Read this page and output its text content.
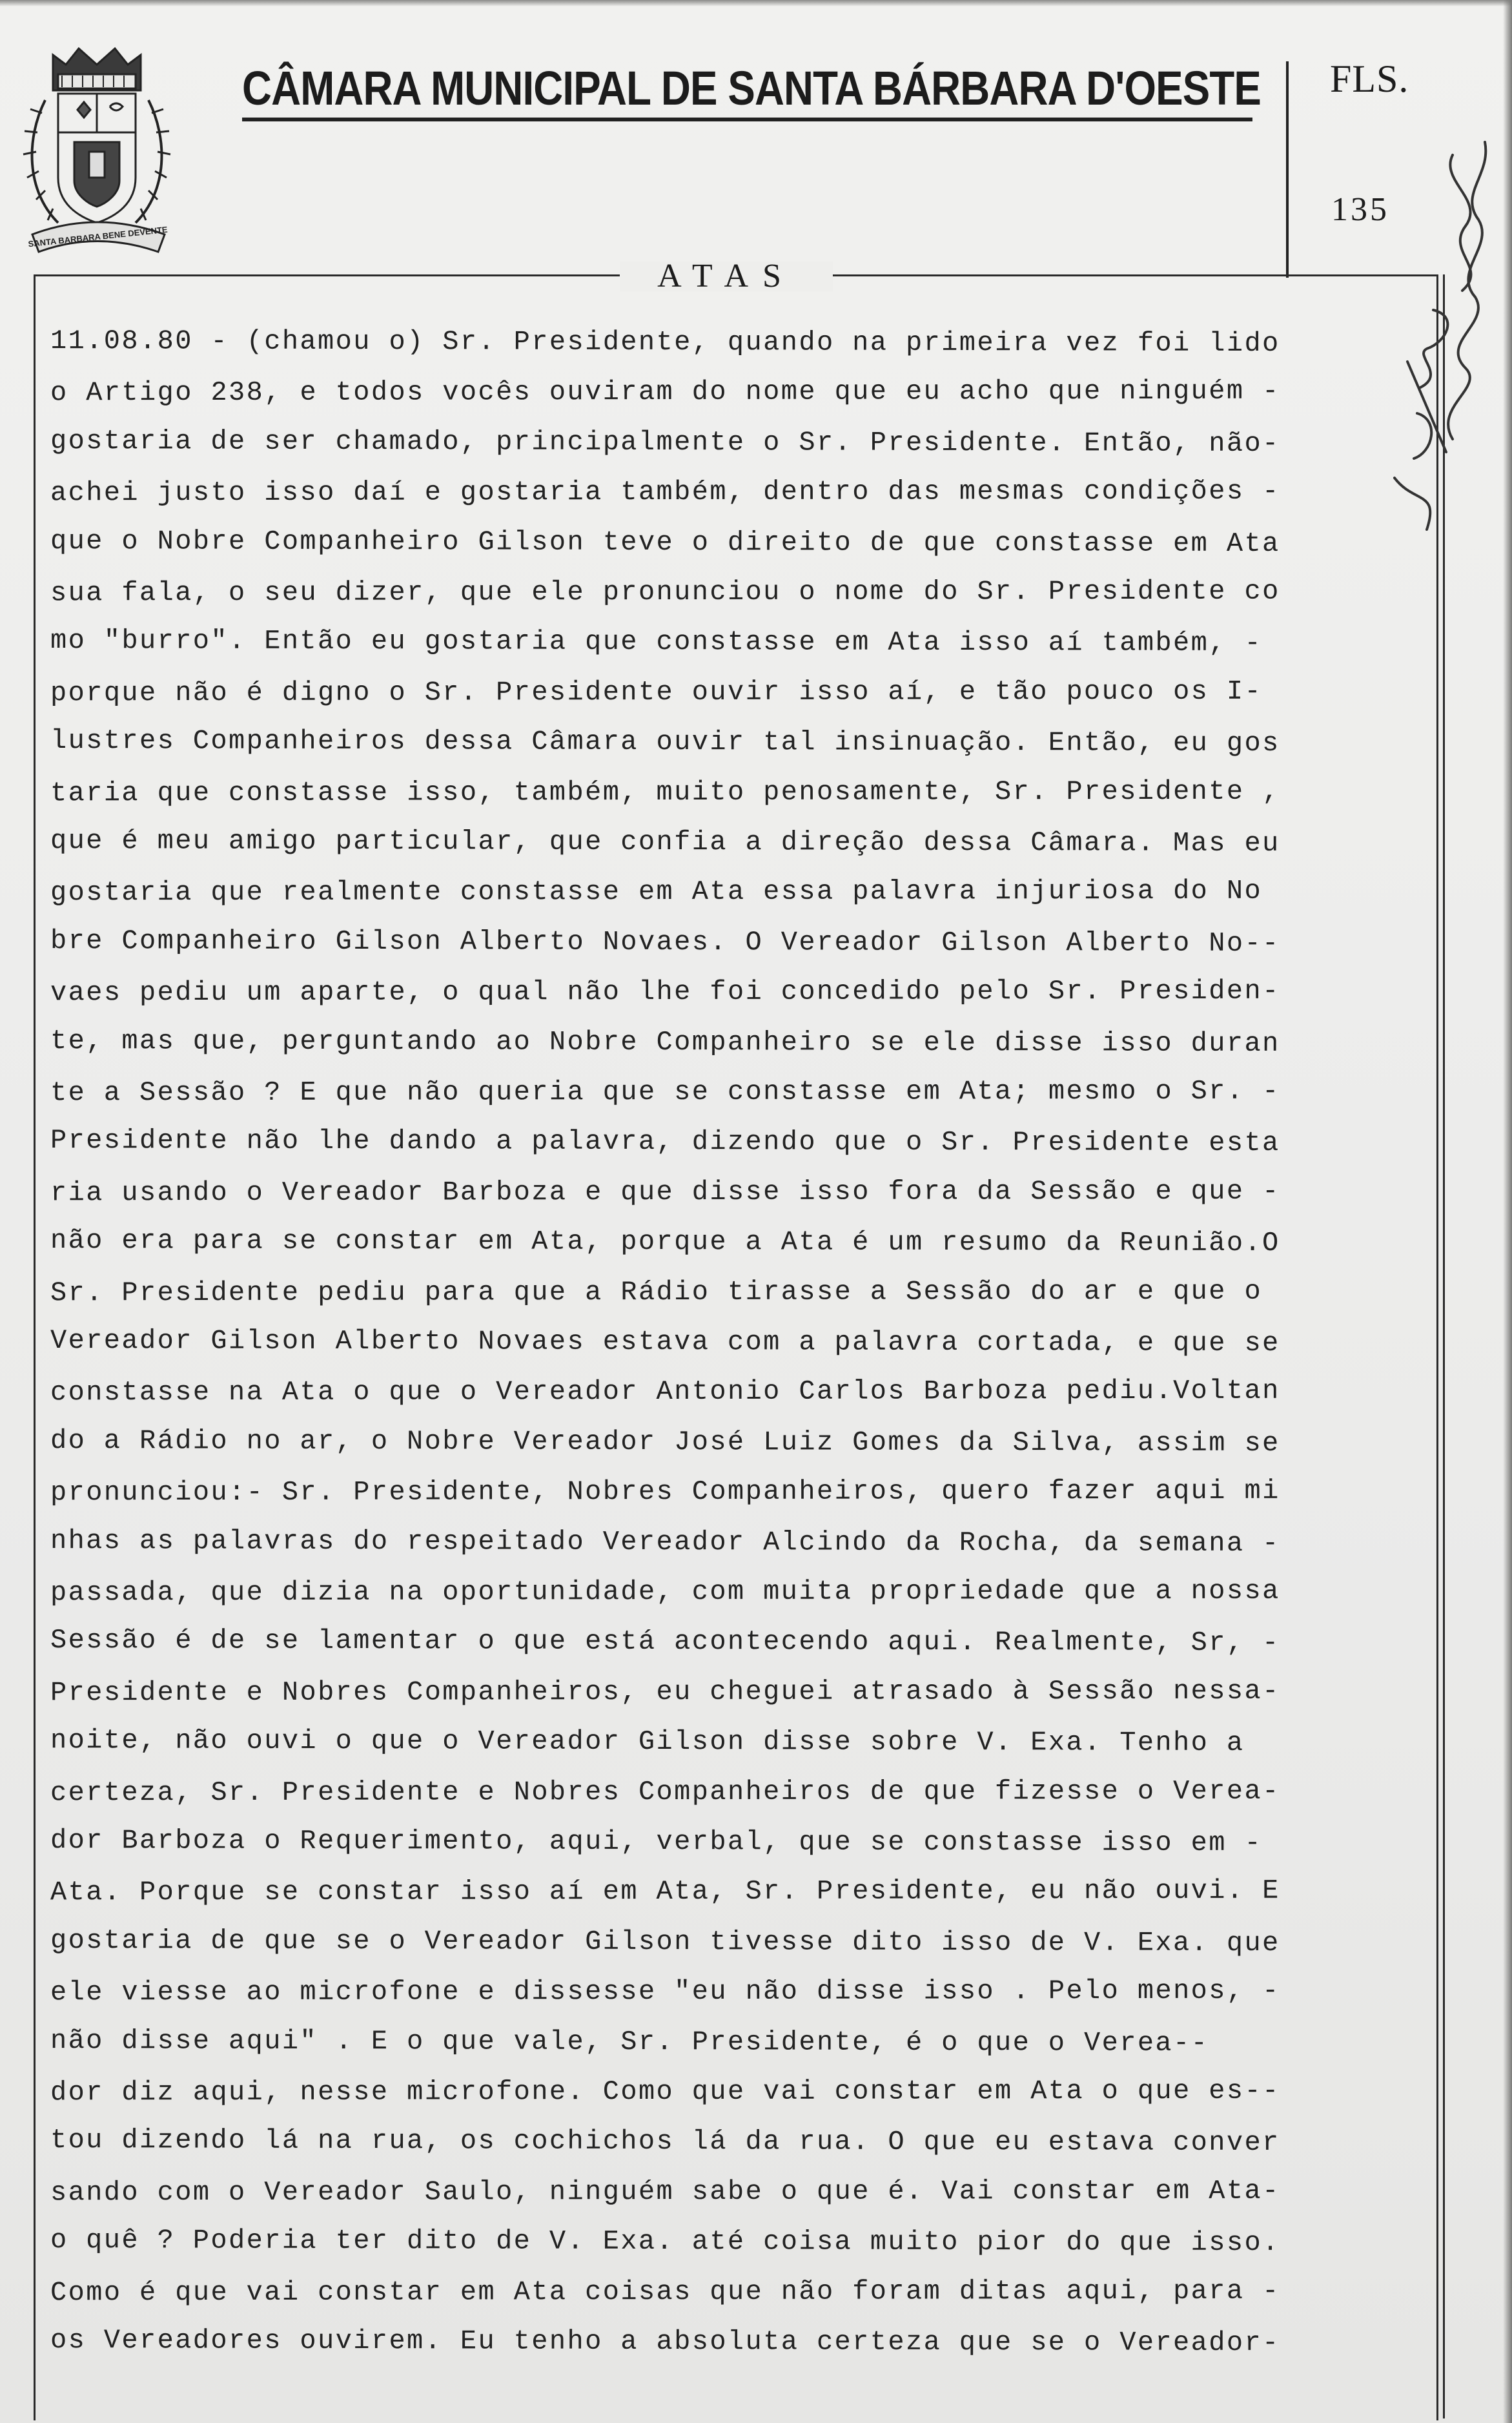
SANTA BARBARA BENE DEVENTE
CÂMARA MUNICIPAL DE SANTA BÁRBARA D'OESTE FLS.
135
ATAS
11.08.80 - (chamou o) Sr. Presidente, quando na primeira vez foi lido
o Artigo 238, e todos vocês ouviram do nome que eu acho que ninguém -
gostaria de ser chamado, principalmente o Sr. Presidente. Então, não-
achei justo isso daí e gostaria também, dentro das mesmas condições -
que o Nobre Companheiro Gilson teve o direito de que constasse em Ata
sua fala, o seu dizer, que ele pronunciou o nome do Sr. Presidente co
mo "burro". Então eu gostaria que constasse em Ata isso aí também, -
porque não é digno o Sr. Presidente ouvir isso aí, e tão pouco os I-
lustres Companheiros dessa Câmara ouvir tal insinuação. Então, eu gos
taria que constasse isso, também, muito penosamente, Sr. Presidente ,
que é meu amigo particular, que confia a direção dessa Câmara. Mas eu
gostaria que realmente constasse em Ata essa palavra injuriosa do No
bre Companheiro Gilson Alberto Novaes. O Vereador Gilson Alberto No--
vaes pediu um aparte, o qual não lhe foi concedido pelo Sr. Presiden-
te, mas que, perguntando ao Nobre Companheiro se ele disse isso duran
te a Sessão ? E que não queria que se constasse em Ata; mesmo o Sr. -
Presidente não lhe dando a palavra, dizendo que o Sr. Presidente esta
ria usando o Vereador Barboza e que disse isso fora da Sessão e que -
não era para se constar em Ata, porque a Ata é um resumo da Reunião.O
Sr. Presidente pediu para que a Rádio tirasse a Sessão do ar e que o
Vereador Gilson Alberto Novaes estava com a palavra cortada, e que se
constasse na Ata o que o Vereador Antonio Carlos Barboza pediu.Voltan
do a Rádio no ar, o Nobre Vereador José Luiz Gomes da Silva, assim se
pronunciou:- Sr. Presidente, Nobres Companheiros, quero fazer aqui mi
nhas as palavras do respeitado Vereador Alcindo da Rocha, da semana -
passada, que dizia na oportunidade, com muita propriedade que a nossa
Sessão é de se lamentar o que está acontecendo aqui. Realmente, Sr, -
Presidente e Nobres Companheiros, eu cheguei atrasado à Sessão nessa-
noite, não ouvi o que o Vereador Gilson disse sobre V. Exa. Tenho a
certeza, Sr. Presidente e Nobres Companheiros de que fizesse o Verea-
dor Barboza o Requerimento, aqui, verbal, que se constasse isso em -
Ata. Porque se constar isso aí em Ata, Sr. Presidente, eu não ouvi. E
gostaria de que se o Vereador Gilson tivesse dito isso de V. Exa. que
ele viesse ao microfone e dissesse "eu não disse isso . Pelo menos, -
não disse aqui" . E o que vale, Sr. Presidente, é o que o Verea--
dor diz aqui, nesse microfone. Como que vai constar em Ata o que es--
tou dizendo lá na rua, os cochichos lá da rua. O que eu estava conver
sando com o Vereador Saulo, ninguém sabe o que é. Vai constar em Ata-
o quê ? Poderia ter dito de V. Exa. até coisa muito pior do que isso.
Como é que vai constar em Ata coisas que não foram ditas aqui, para -
os Vereadores ouvirem. Eu tenho a absoluta certeza que se o Vereador-
